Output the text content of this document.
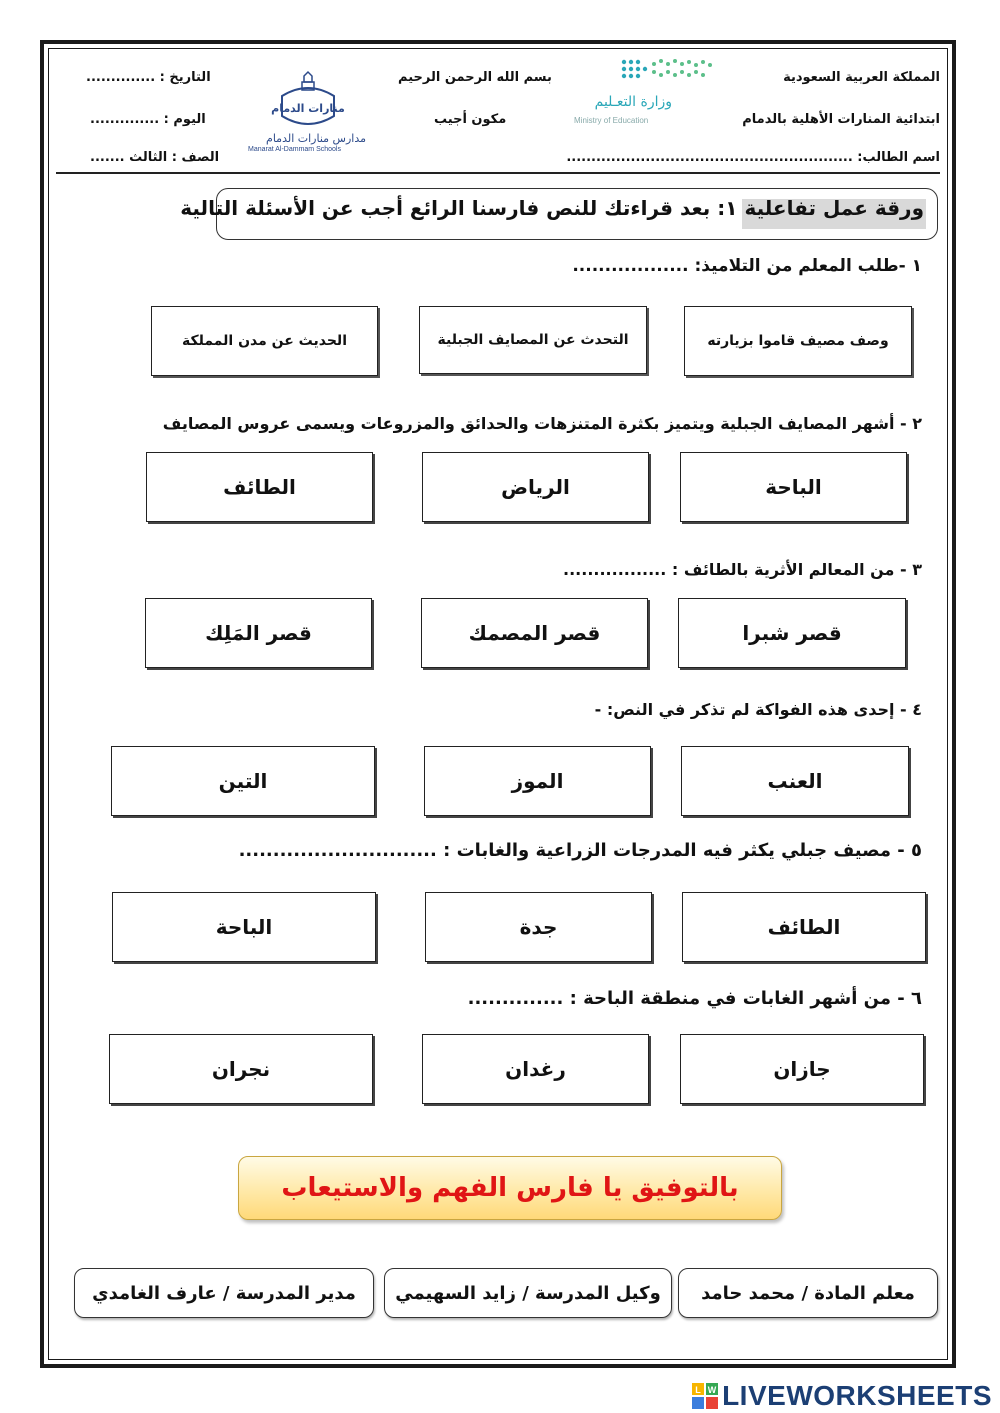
المملكة العربية السعودية
ابتدائية المنارات الأهلية بالدمام
اسم الطالب: ..........................................................
وزارة التعـليم
Ministry of Education
بسم الله الرحمن الرحيم
مكون أجيب
منارات الدمام
مدارس منارات الدمام
Manarat Al-Dammam Schools
التاريخ : ..............
اليوم : ..............
الصف : الثالث .......
ورقة عمل تفاعلية ١: بعد قراءتك للنص فارسنا الرائع أجب عن الأسئلة التالية
١ -طلب المعلم من التلاميذ: ..................
وصف مصيف قاموا بزيارته
التحدث عن المصايف الجبلية
الحديث عن مدن المملكة
٢ - أشهر المصايف الجبلية ويتميز بكثرة المتنزهات والحدائق والمزروعات ويسمى عروس المصايف
الباحة
الرياض
الطائف
٣ - من المعالم الأثرية بالطائف : .................
قصر شبرا
قصر المصمك
قصر المَلِك
٤ - إحدى هذه الفواكة لم تذكر في النص: -
العنب
الموز
التين
٥ - مصيف جبلي يكثر فيه المدرجات الزراعية والغابات : .............................
الطائف
جدة
الباحة
٦ - من أشهر الغابات في منطقة الباحة : ..............
جازان
رغدان
نجران
بالتوفيق يا فارس الفهم والاستيعاب
معلم المادة / محمد حامد
وكيل المدرسة / زايد السهيمي
مدير المدرسة / عارف الغامدي
L W LIVEWORKSHEETS
